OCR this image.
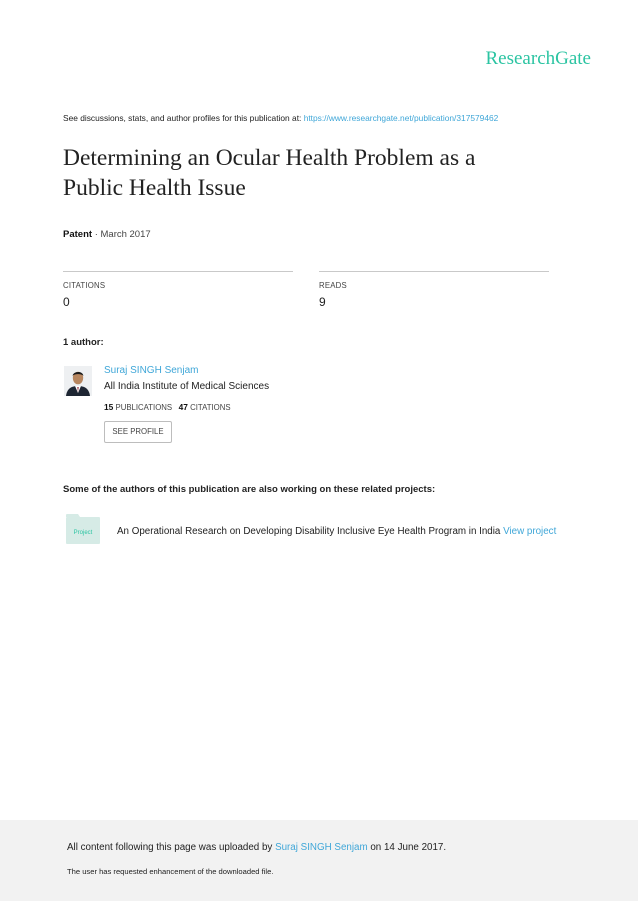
ResearchGate
See discussions, stats, and author profiles for this publication at: https://www.researchgate.net/publication/317579462
Determining an Ocular Health Problem as a
Public Health Issue
Patent · March 2017
CITATIONS
0
READS
9
1 author:
Suraj SINGH Senjam
All India Institute of Medical Sciences
15 PUBLICATIONS 47 CITATIONS
SEE PROFILE
Some of the authors of this publication are also working on these related projects:
Project	An Operational Research on Developing Disability Inclusive Eye Health Program in India View project
All content following this page was uploaded by Suraj SINGH Senjam on 14 June 2017.
The user has requested enhancement of the downloaded file.
